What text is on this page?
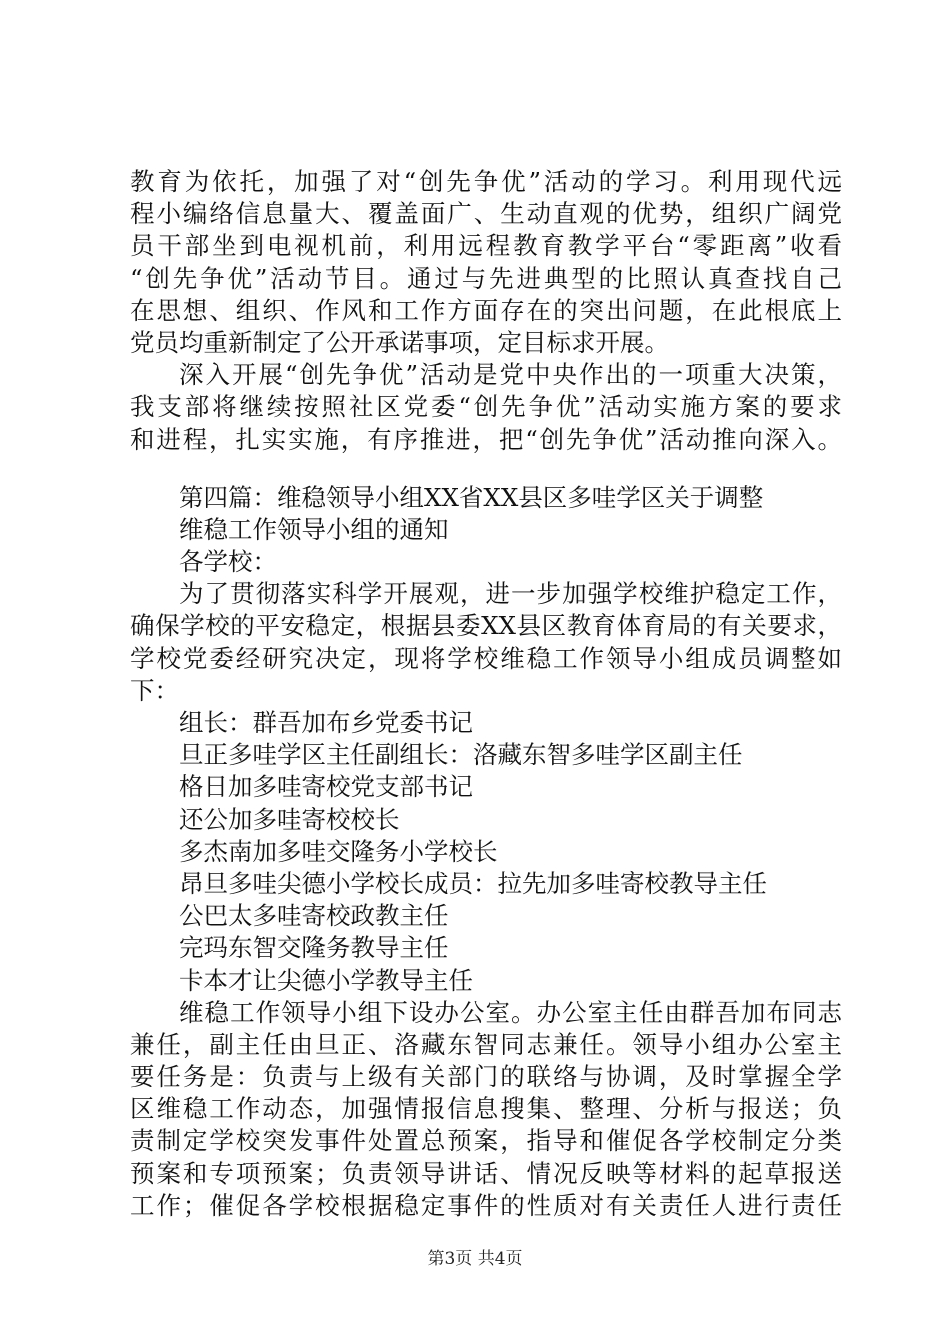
教育为依托，加强了对“创先争优”活动的学习。利用现代远
程小编络信息量大、覆盖面广、生动直观的优势，组织广阔党
员干部坐到电视机前，利用远程教育教学平台“零距离”收看
“创先争优”活动节目。通过与先进典型的比照认真查找自己
在思想、组织、作风和工作方面存在的突出问题，在此根底上
党员均重新制定了公开承诺事项，定目标求开展。
深入开展“创先争优”活动是党中央作出的一项重大决策，
我支部将继续按照社区党委“创先争优”活动实施方案的要求
和进程，扎实实施，有序推进，把“创先争优”活动推向深入。
第四篇：维稳领导小组XX省XX县区多哇学区关于调整
维稳工作领导小组的通知
各学校：
为了贯彻落实科学开展观，进一步加强学校维护稳定工作，
确保学校的平安稳定，根据县委XX县区教育体育局的有关要求，
学校党委经研究决定，现将学校维稳工作领导小组成员调整如
下：
组长：群吾加布乡党委书记
旦正多哇学区主任副组长：洛藏东智多哇学区副主任
格日加多哇寄校党支部书记
还公加多哇寄校校长
多杰南加多哇交隆务小学校长
昂旦多哇尖德小学校长成员：拉先加多哇寄校教导主任
公巴太多哇寄校政教主任
完玛东智交隆务教导主任
卡本才让尖德小学教导主任
维稳工作领导小组下设办公室。办公室主任由群吾加布同志
兼任，副主任由旦正、洛藏东智同志兼任。领导小组办公室主
要任务是：负责与上级有关部门的联络与协调，及时掌握全学
区维稳工作动态，加强情报信息搜集、整理、分析与报送；负
责制定学校突发事件处置总预案，指导和催促各学校制定分类
预案和专项预案；负责领导讲话、情况反映等材料的起草报送
工作；催促各学校根据稳定事件的性质对有关责任人进行责任
第3页 共4页
